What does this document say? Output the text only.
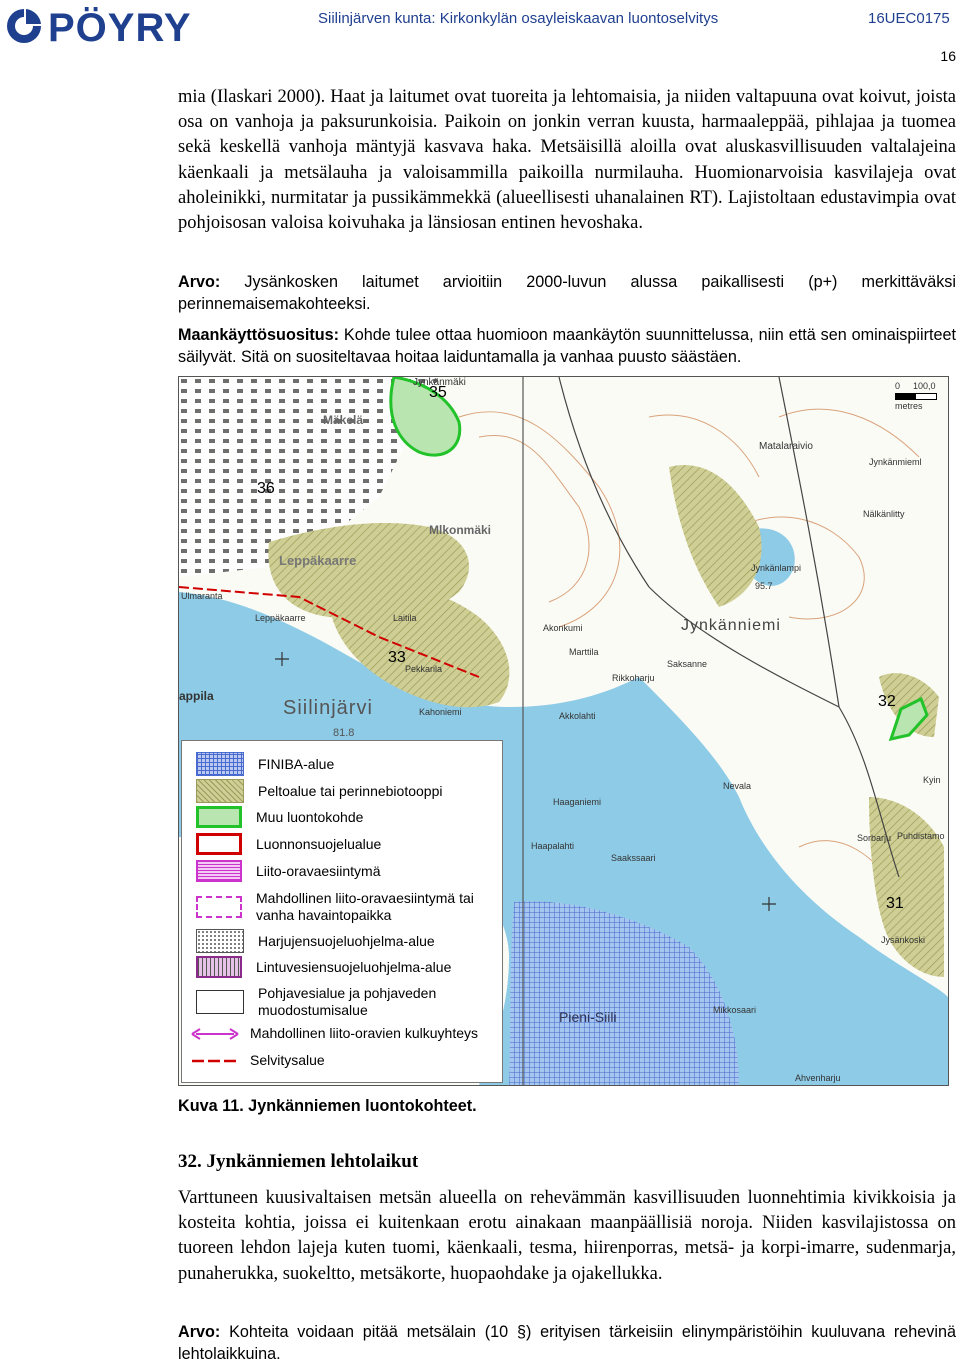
PÖYRY	Siilinjärven kunta: Kirkonkylän osayleiskaavan luontoselvitys	16UEC0175
16
mia (Ilaskari 2000). Haat ja laitumet ovat tuoreita ja lehtomaisia, ja niiden valtapuuna ovat koivut, joista osa on vanhoja ja paksurunkoisia. Paikoin on jonkin verran kuusta, harmaaleppää, pihlajaa ja tuomea sekä keskellä vanhoja mäntyjä kasvava haka. Metsäisillä aloilla ovat aluskasvillisuuden valtalajeina käenkaali ja metsälauha ja valoisammilla paikoilla nurmilauha. Huomionarvoisia kasvilajeja ovat aholeinikki, nurmitatar ja pussikämmekkä (alueellisesti uhanalainen RT). Lajistoltaan edustavimpia ovat pohjoisosan valoisa koivuhaka ja länsiosan entinen hevoshaka.
Arvo: Jysänkosken laitumet arvioitiin 2000-luvun alussa paikallisesti (p+) merkittäväksi perinnemaisemakohteeksi.
Maankäyttösuositus: Kohde tulee ottaa huomioon maankäytön suunnittelussa, niin että sen ominaispiirteet säilyvät. Sitä on suositeltavaa hoitaa laiduntamalla ja vanhaa puusto säästäen.
0 100,0
metres
35
36
33
32
31
Jynkänmäki
Mäkelä
Mlkonmäki
Leppäkaarre
Ulmaranta
Leppäkaarre	Laitila
Pekkarila
Kahoniemi
Siilinjärvi
81.8
appila
Akkolahti
Marttila
Akonkumi
Rikkoharju
Jynkänniemi
Saksanne
Matalaraivio
Jynkänmieml
Nälkänlitty
Jynkänlampi
95.7
Haaganiemi
Haapalahti
Saakssaari
Pieni-Siili	Mikkosaari
Nevala
Sorbarju Puhdistamo
Kyin
Jysänkoski
Ahvenharju
FINIBA-alue
Peltoalue tai perinnebiotooppi
Muu luontokohde
Luonnonsuojelualue
Liito-oravaesiintymä
Mahdollinen liito-oravaesiintymä tai vanha havaintopaikka
Harjujensuojeluohjelma-alue
Lintuvesiensuojeluohjelma-alue
Pohjavesialue ja pohjaveden muodostumisalue
Mahdollinen liito-oravien kulkuyhteys
Selvitysalue
Kuva 11. Jynkänniemen luontokohteet.
32. Jynkänniemen lehtolaikut
Varttuneen kuusivaltaisen metsän alueella on rehevämmän kasvillisuuden luonnehtimia kivikkoisia ja kosteita kohtia, joissa ei kuitenkaan erotu ainakaan maanpäällisiä noroja. Niiden kasvilajistossa on tuoreen lehdon lajeja kuten tuomi, käenkaali, tesma, hiirenporras, metsä- ja korpi-imarre, sudenmarja, punaherukka, suokeltto, metsäkorte, huopaohdake ja ojakellukka.
Arvo: Kohteita voidaan pitää metsälain (10 §) erityisen tärkeisiin elinympäristöihin kuuluvana rehevinä lehtolaikkuina.
